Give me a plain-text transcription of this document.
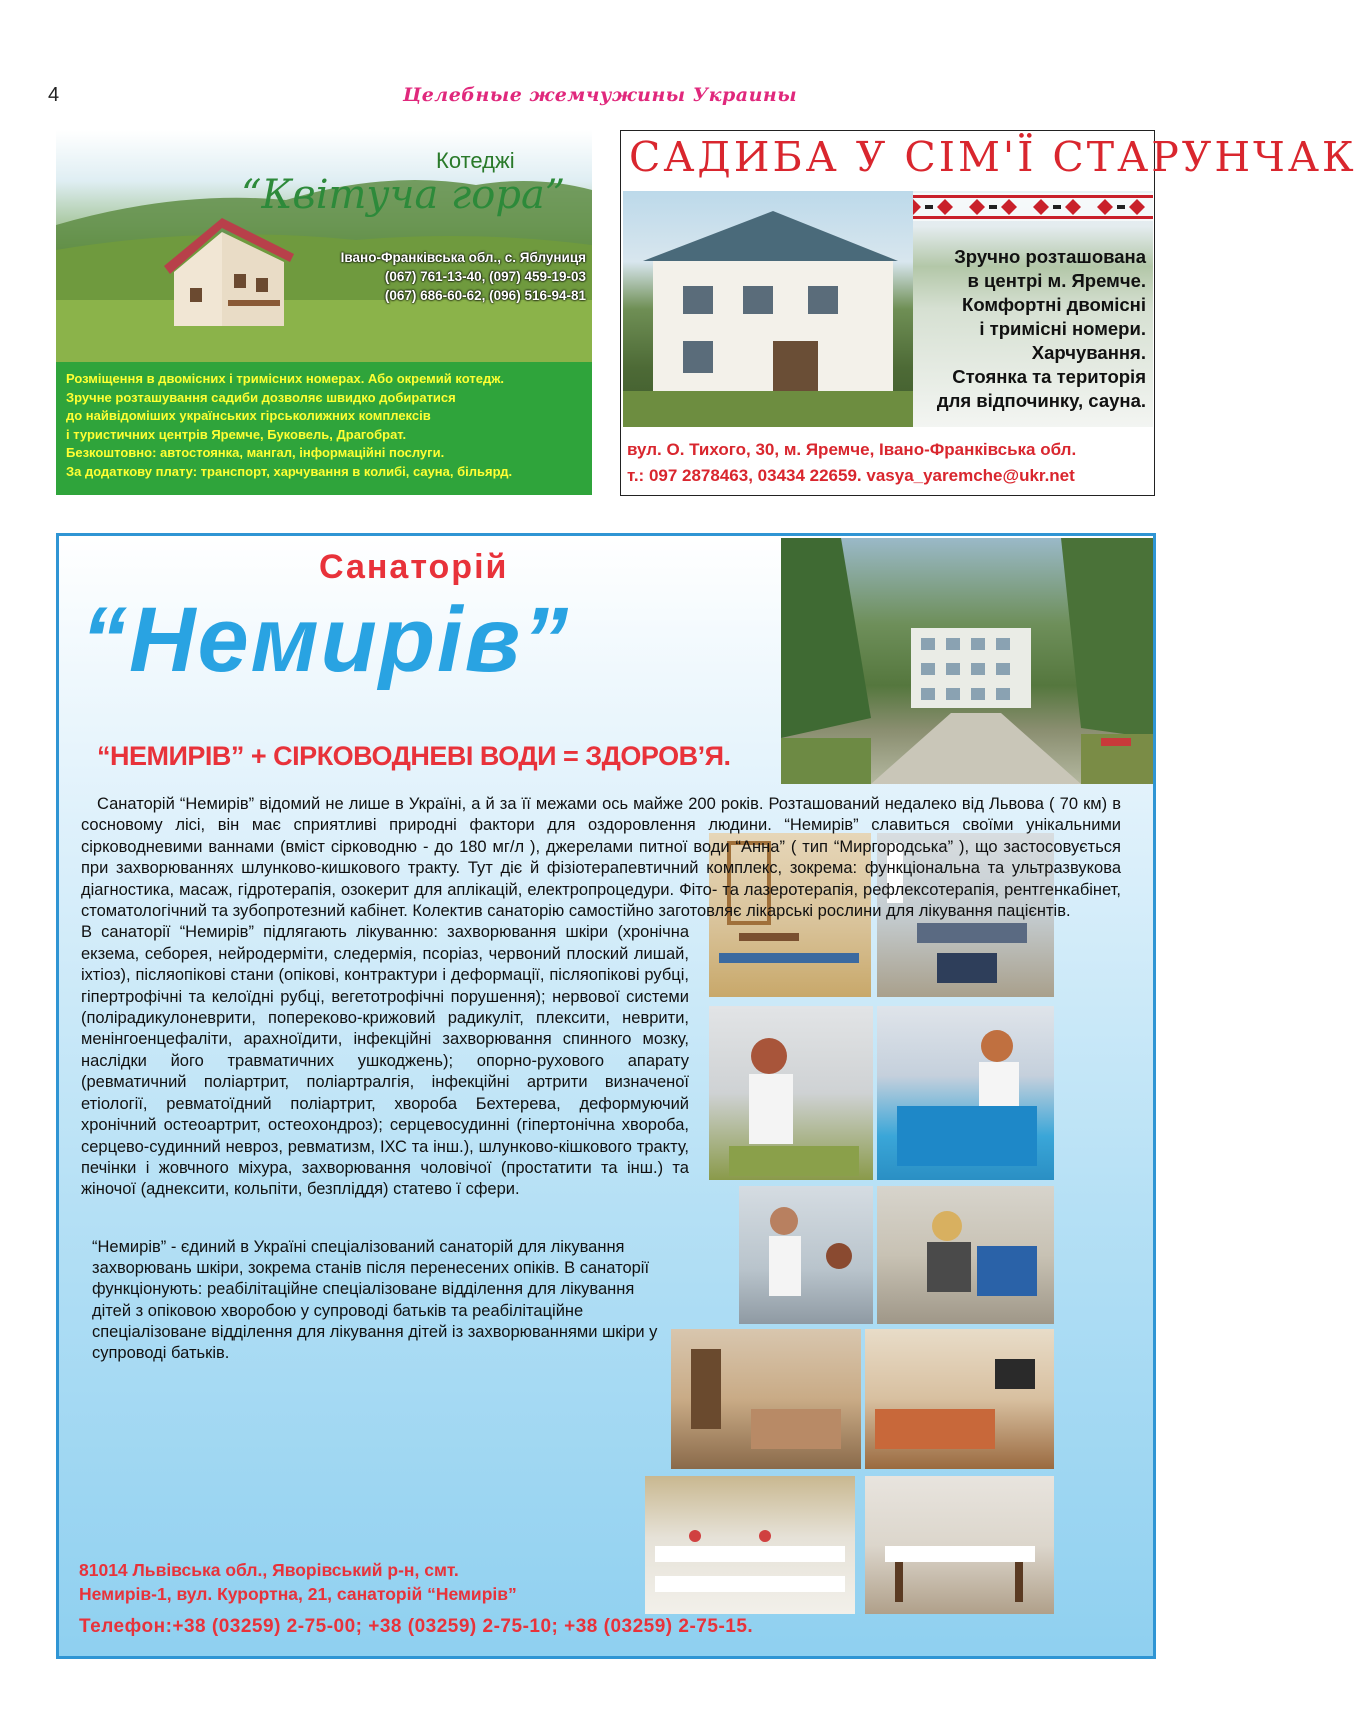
4	Целебные жемчужины Украины
Котеджі
“Квітуча гора”
Івано-Франківська обл., с. Яблуниця
(067) 761-13-40, (097) 459-19-03
(067) 686-60-62, (096) 516-94-81
Розміщення в двомісних і тримісних номерах. Або окремий котедж.
Зручне розташування садиби дозволяє швидко добиратися
до найвідоміших українських гірськолижних комплексів
і туристичних центрів Яремче, Буковель, Драгобрат.
Безкоштовно: автостоянка, мангал, інформаційні послуги.
За додаткову плату: транспорт, харчування в колибі, сауна, більярд.
САДИБА У СІМ'Ї СТАРУНЧАК
Зручно розташована
в центрі м. Яремче.
Комфортні двомісні
і тримісні номери.
Харчування.
Стоянка та територія
для відпочинку, сауна.
вул. О. Тихого, 30, м. Яремче, Івано-Франківська обл.
т.: 097 2878463, 03434 22659. vasya_yaremche@ukr.net
Санаторій
“Немирів”
“НЕМИРІВ” + СІРКОВОДНЕВІ ВОДИ = ЗДОРОВ’Я.

Санаторій “Немирів” відомий не лише в Україні, а й за її межами ось майже 200 років. Розташований недалеко від Львова ( 70 км) в сосновому лісі, він має сприятливі природні фактори для оздоровлення людини. “Немирів” славиться своїми унікальними сірководневими ваннами (вміст сірководню - до 180 мг/л ), джерелами питної води “Анна” ( тип “Миргородська” ), що застосовується при захворюваннях шлунково-кишкового тракту. Тут діє й фізіотерапевтичний комплекс, зокрема: функціональна та ультразвукова діагностика, масаж, гідротерапія, озокерит для аплікацій, електропроцедури. Фіто- та лазеротерапія, рефлексотерапія, рентгенкабінет, стоматологічний та зубопротезний кабінет. Колектив санаторію самостійно заготовляє лікарські рослини для лікування пацієнтів.

В санаторії “Немирів” підлягають лікуванню: захворювання шкіри (хронічна екзема, себорея, нейродерміти, следермія, псоріаз, червоний плоский лишай, іхтіоз), післяопікові стани (опікові, контрактури і деформації, післяопікові рубці, гіпертрофічні та келоїдні рубці, вегетотрофічні порушення); нервової системи (полірадикулоневрити, попереково-крижовий радикуліт, плексити, неврити, менінгоенцефаліти, арахноїдити, інфекційні захворювання спинного мозку, наслідки його травматичних ушкоджень); опорно-рухового апарату (ревматичний поліартрит, поліартралгія, інфекційні артрити визначеної етіології, ревматоїдний поліартрит, хвороба Бехтерева, деформуючий хронічний остеоартрит, остеохондроз); серцевосудинні (гіпертонічна хвороба, серцево-судинний невроз, ревматизм, ІХС та інш.), шлунково-кішкового тракту, печінки і жовчного міхура, захворювання чоловічої (простатити та інш.) та жіночої (аднексити, кольпіти, безпліддя) статево ї сфери.

“Немирів” - єдиний в Україні спеціалізований санаторій для лікування захворювань шкіри, зокрема станів після перенесених опіків. В санаторії функціонують: реабілітаційне спеціалізоване відділення для лікування дітей з опіковою хворобою у супроводі батьків та реабілітаційне спеціалізоване відділення для лікування дітей із захворюваннями шкіри у супроводі батьків.

81014 Львівська обл., Яворівський р-н, смт.
Немирів-1, вул. Курортна, 21, санаторій “Немирів”
Телефон:+38 (03259) 2-75-00; +38 (03259) 2-75-10; +38 (03259) 2-75-15.
